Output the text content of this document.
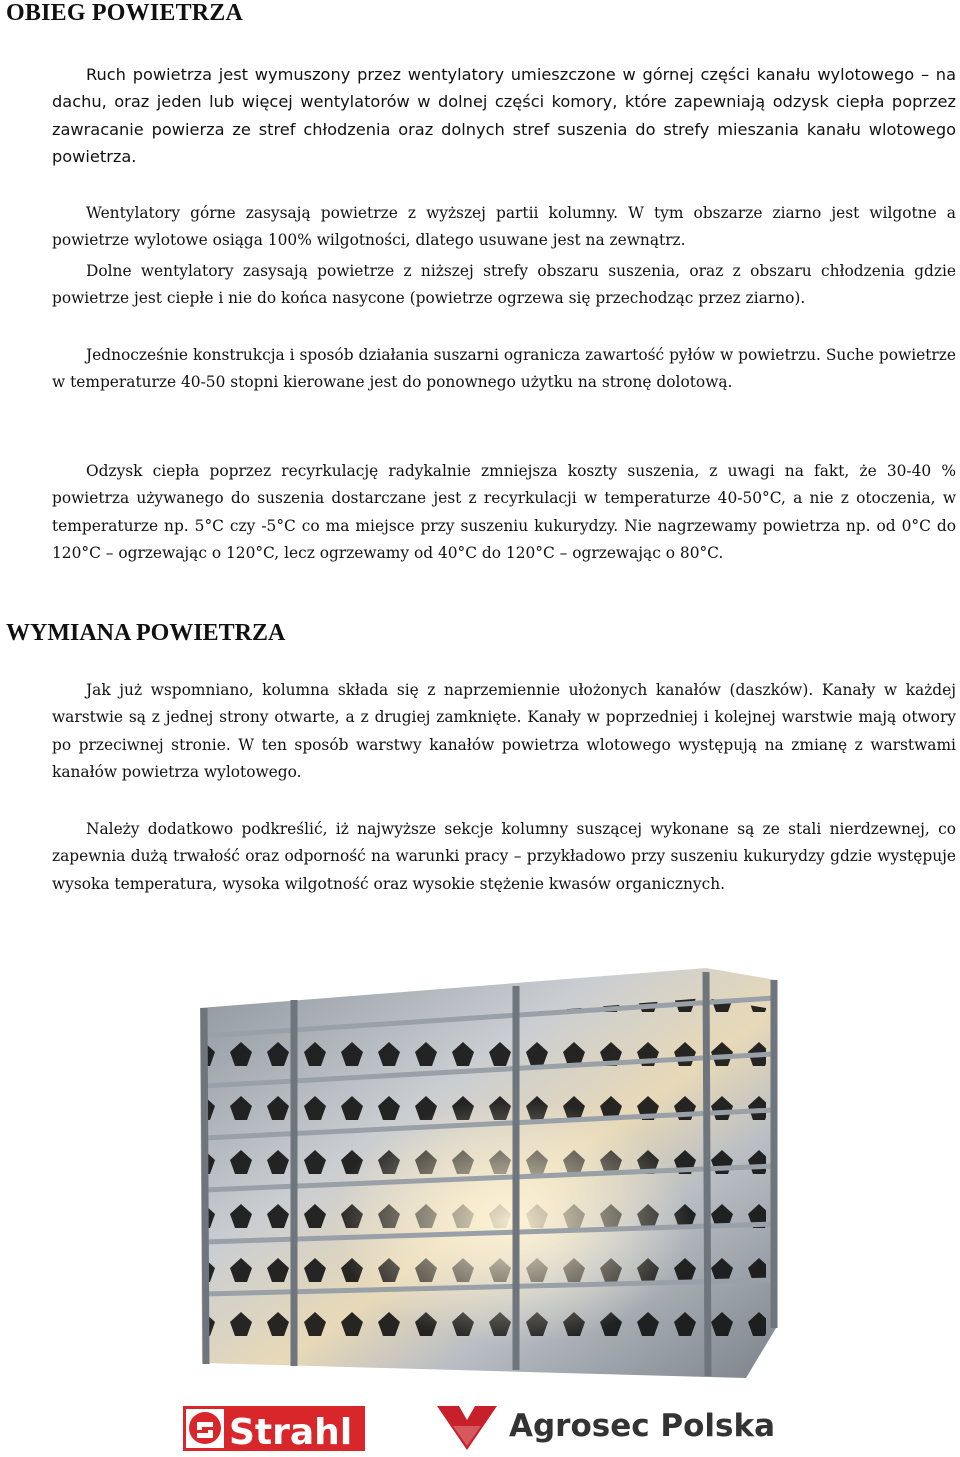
OBIEG POWIETRZA

Ruch powietrza jest wymuszony przez wentylatory umieszczone w górnej części kanału wylotowego – na dachu, oraz jeden lub więcej wentylatorów w dolnej części komory, które zapewniają odzysk ciepła poprzez zawracanie powierza ze stref chłodzenia oraz dolnych stref suszenia do strefy mieszania kanału wlotowego powietrza.

Wentylatory górne zasysają powietrze z wyższej partii kolumny. W tym obszarze ziarno jest wilgotne a powietrze wylotowe osiąga 100% wilgotności, dlatego usuwane jest na zewnątrz.

Dolne wentylatory zasysają powietrze z niższej strefy obszaru suszenia, oraz z obszaru chłodzenia gdzie powietrze jest ciepłe i nie do końca nasycone (powietrze ogrzewa się przechodząc przez ziarno).

Jednocześnie konstrukcja i sposób działania suszarni ogranicza zawartość pyłów w powietrzu. Suche powietrze w temperaturze 40-50 stopni kierowane jest do ponownego użytku na stronę dolotową.

Odzysk ciepła poprzez recyrkulację radykalnie zmniejsza koszty suszenia, z uwagi na fakt, że 30-40 % powietrza używanego do suszenia dostarczane jest z recyrkulacji w temperaturze 40-50°C, a nie z otoczenia, w temperaturze np. 5°C czy -5°C co ma miejsce przy suszeniu kukurydzy. Nie nagrzewamy powietrza np. od 0°C do 120°C – ogrzewając o 120°C, lecz ogrzewamy od 40°C do 120°C – ogrzewając o 80°C.

WYMIANA POWIETRZA

Jak już wspomniano, kolumna składa się z naprzemiennie ułożonych kanałów (daszków). Kanały w każdej warstwie są z jednej strony otwarte, a z drugiej zamknięte. Kanały w poprzedniej i kolejnej warstwie mają otwory po przeciwnej stronie. W ten sposób warstwy kanałów powietrza wlotowego występują na zmianę z warstwami kanałów powietrza wylotowego.

Należy dodatkowo podkreślić, iż najwyższe sekcje kolumny suszącej wykonane są ze stali nierdzewnej, co zapewnia dużą trwałość oraz odporność na warunki pracy – przykładowo przy suszeniu kukurydzy gdzie występuje wysoka temperatura, wysoka wilgotność oraz wysokie stężenie kwasów organicznych.

Strahl	Agrosec Polska
